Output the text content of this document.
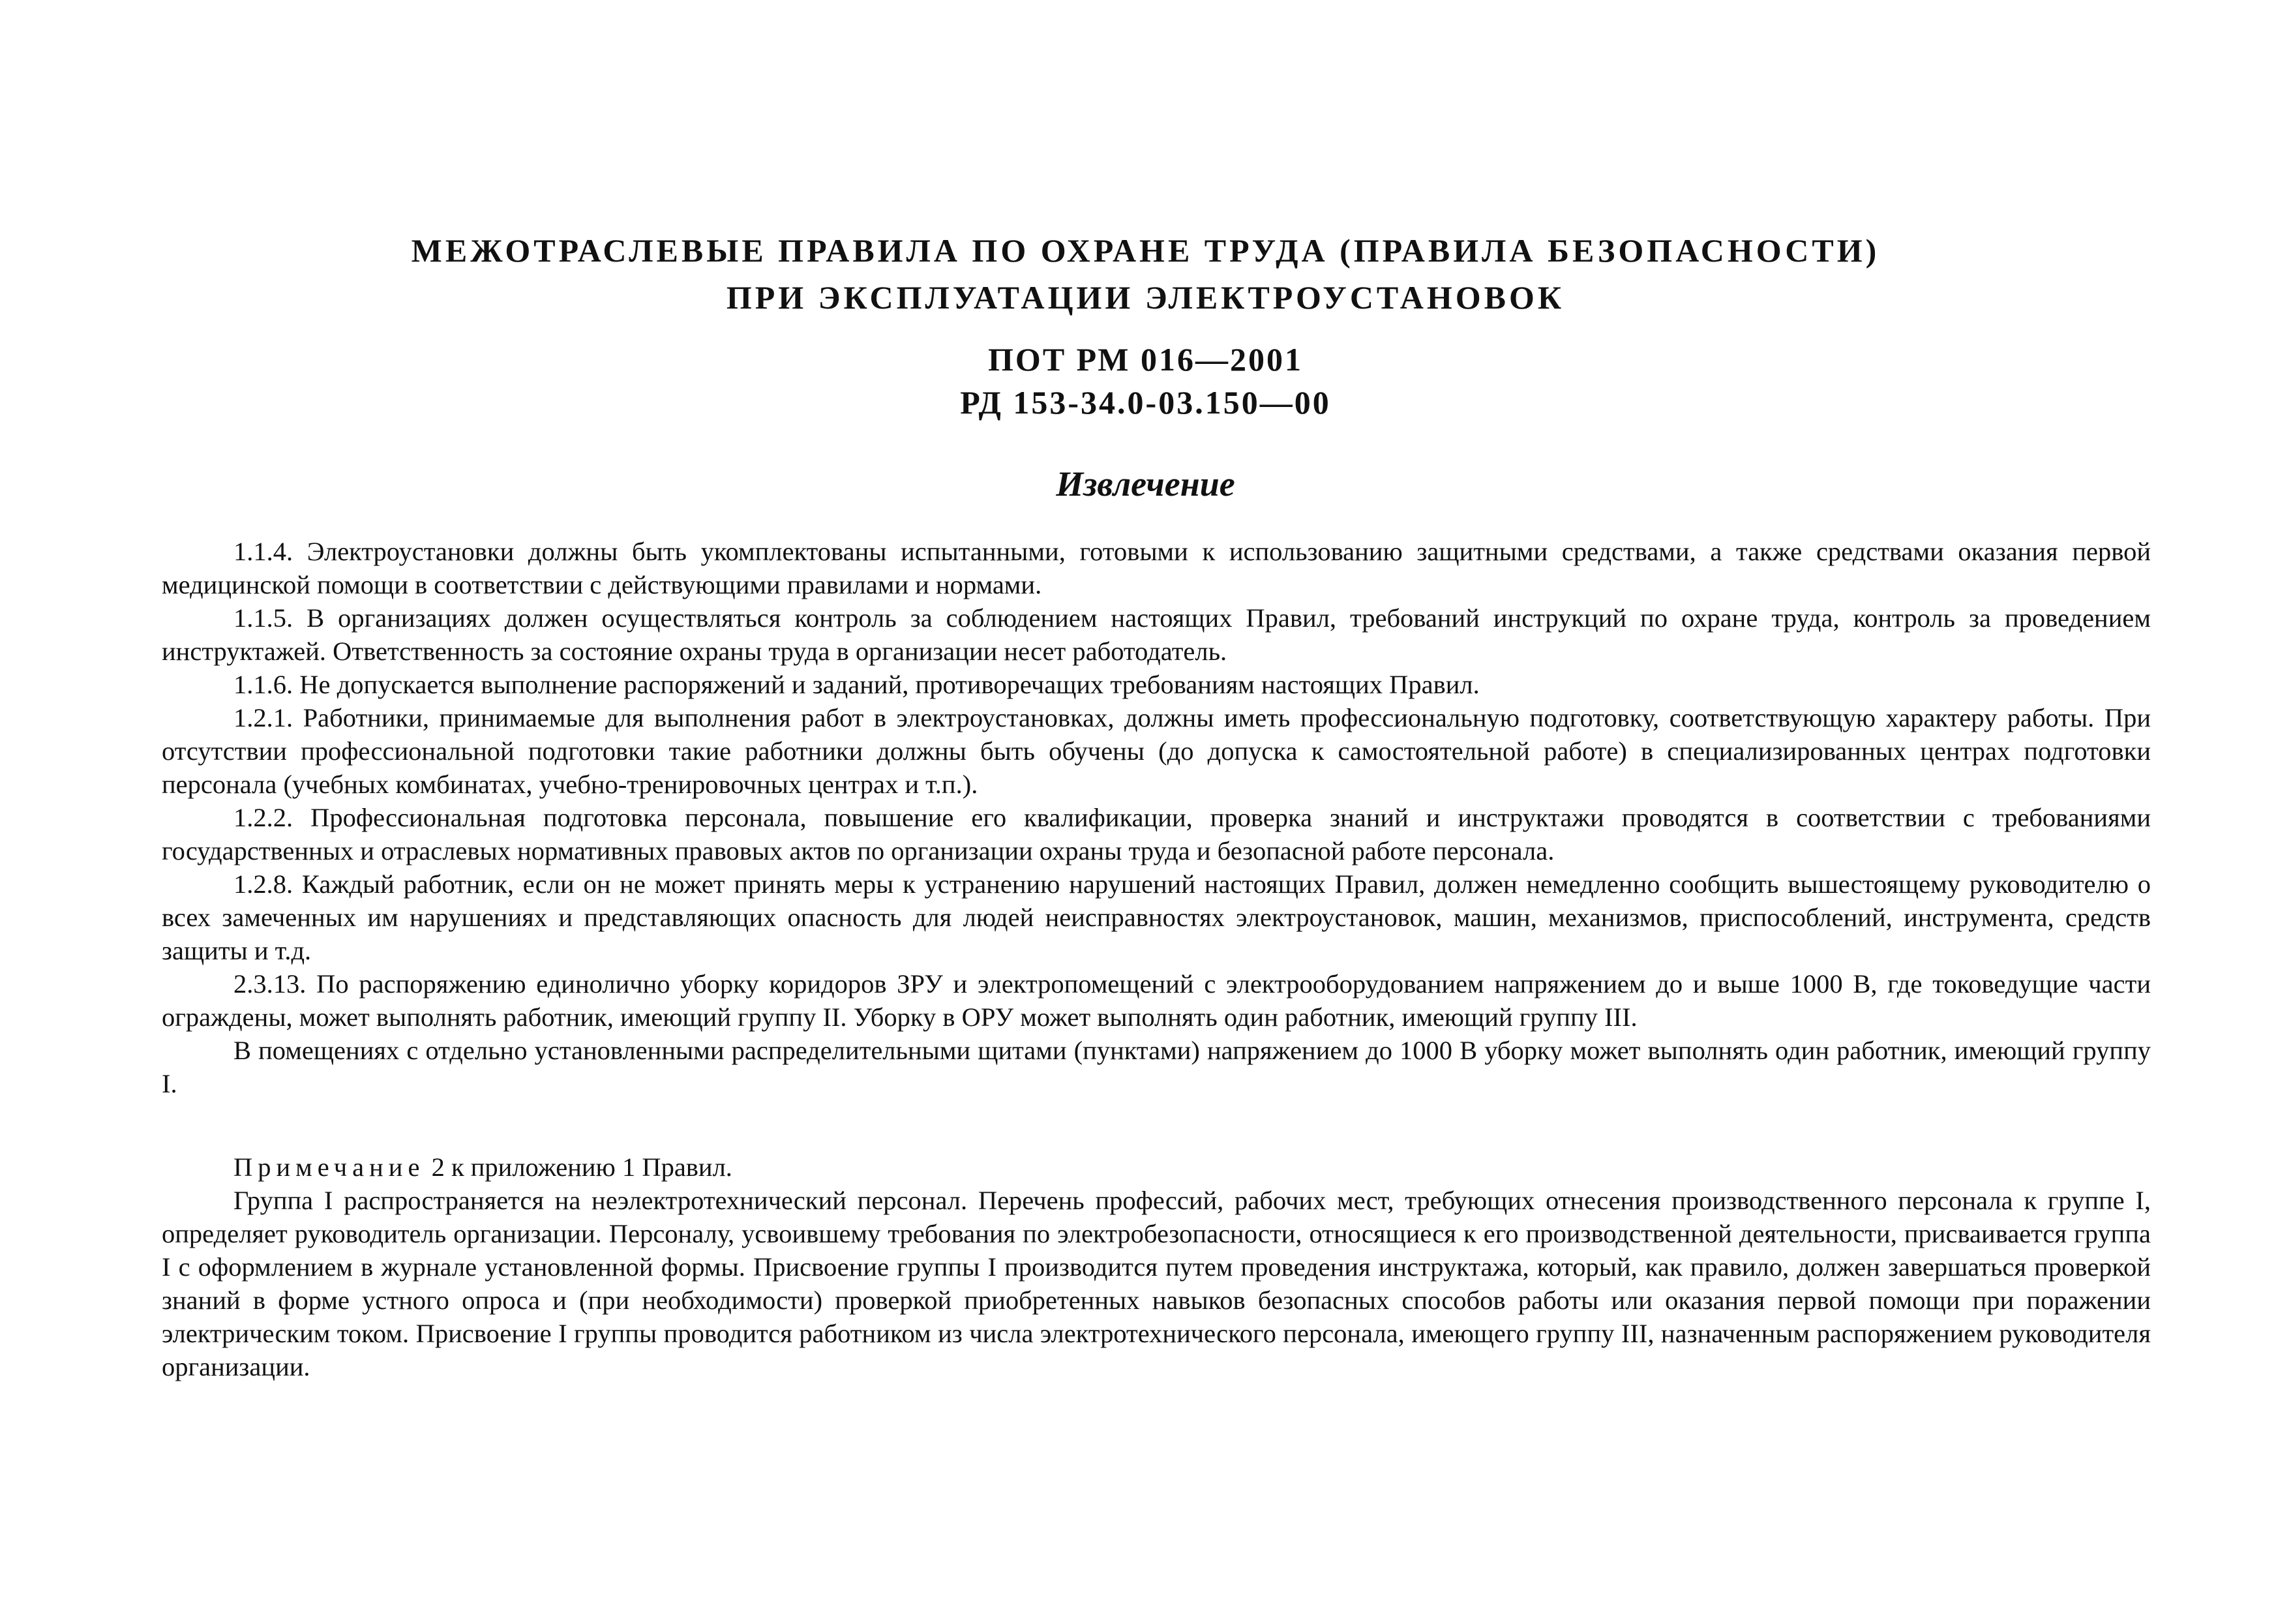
МЕЖОТРАСЛЕВЫЕ ПРАВИЛА ПО ОХРАНЕ ТРУДА (ПРАВИЛА БЕЗОПАСНОСТИ)
ПРИ ЭКСПЛУАТАЦИИ ЭЛЕКТРОУСТАНОВОК
ПОТ РМ 016—2001
РД 153-34.0-03.150—00
Извлечение

1.1.4. Электроустановки должны быть укомплектованы испытанными, готовыми к использованию защитными средствами, а также средствами оказания первой медицинской помощи в соответствии с действующими правилами и нормами.

1.1.5. В организациях должен осуществляться контроль за соблюдением настоящих Правил, требований инструкций по охране труда, контроль за проведением инструктажей. Ответственность за состояние охраны труда в организации несет работодатель.

1.1.6. Не допускается выполнение распоряжений и заданий, противоречащих требованиям настоящих Правил.

1.2.1. Работники, принимаемые для выполнения работ в электроустановках, должны иметь профессиональную подготовку, соответствующую характеру работы. При отсутствии профессиональной подготовки такие работники должны быть обучены (до допуска к самостоятельной работе) в специализированных центрах подготовки персонала (учебных комбинатах, учебно-тренировочных центрах и т.п.).

1.2.2. Профессиональная подготовка персонала, повышение его квалификации, проверка знаний и инструктажи проводятся в соответствии с требованиями государственных и отраслевых нормативных правовых актов по организации охраны труда и безопасной работе персонала.

1.2.8. Каждый работник, если он не может принять меры к устранению нарушений настоящих Правил, должен немедленно сообщить вышестоящему руководителю о всех замеченных им нарушениях и представляющих опасность для людей неисправностях электроустановок, машин, механизмов, приспособлений, инструмента, средств защиты и т.д.

2.3.13. По распоряжению единолично уборку коридоров ЗРУ и электропомещений с электрооборудованием напряжением до и выше 1000 В, где токоведущие части ограждены, может выполнять работник, имеющий группу II. Уборку в ОРУ может выполнять один работник, имеющий группу III.

В помещениях с отдельно установленными распределительными щитами (пунктами) напряжением до 1000 В уборку может выполнять один работник, имеющий группу I.

Примечание 2 к приложению 1 Правил.

Группа I распространяется на неэлектротехнический персонал. Перечень профессий, рабочих мест, требующих отнесения производственного персонала к группе I, определяет руководитель организации. Персоналу, усвоившему требования по электробезопасности, относящиеся к его производственной деятельности, присваивается группа I с оформлением в журнале установленной формы. Присвоение группы I производится путем проведения инструктажа, который, как правило, должен завершаться проверкой знаний в форме устного опроса и (при необходимости) проверкой приобретенных навыков безопасных способов работы или оказания первой помощи при поражении электрическим током. Присвоение I группы проводится работником из числа электротехнического персонала, имеющего группу III, назначенным распоряжением руководителя организации.
